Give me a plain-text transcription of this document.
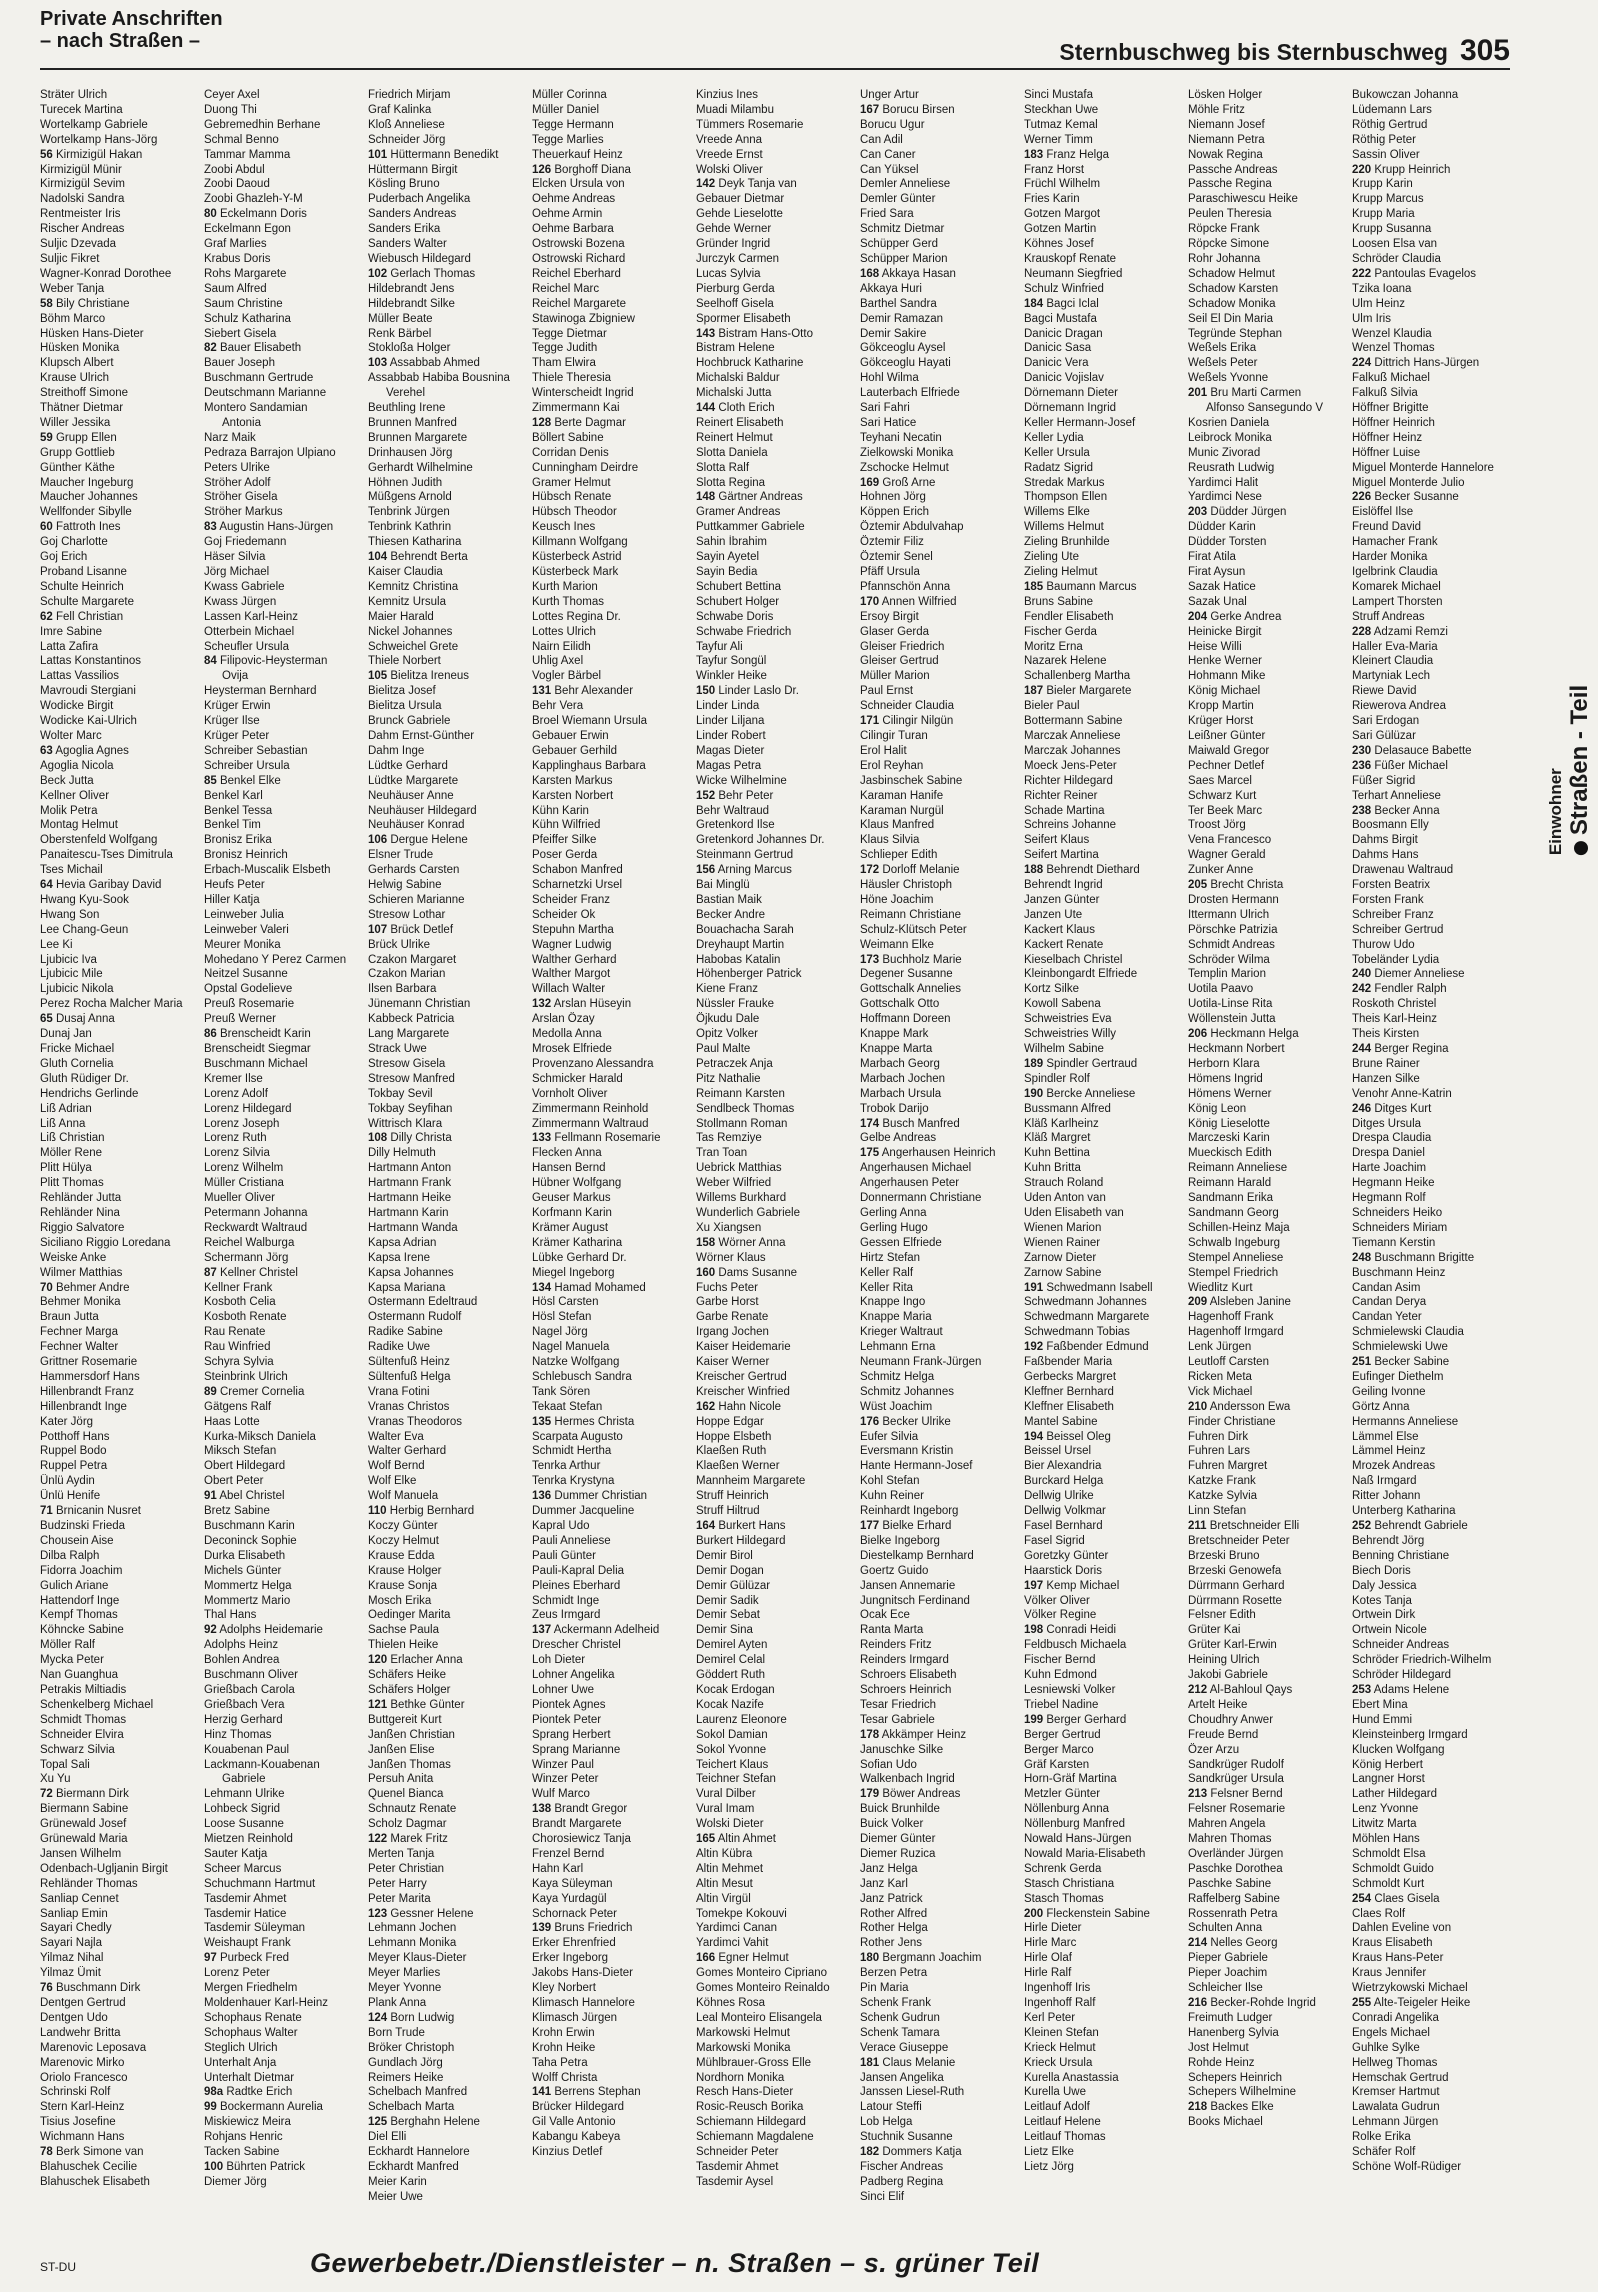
Private Anschriften
– nach Straßen –	Sternbuschweg bis Sternbuschweg 305
Sträter Ulrich
Turecek Martina
Wortelkamp Gabriele
Wortelkamp Hans-Jörg
56 Kirmizigül Hakan
Kirmizigül Münir
Kirmizigül Sevim
Nadolski Sandra
Rentmeister Iris
Rischer Andreas
Suljic Dzevada
Suljic Fikret
Wagner-Konrad Dorothee
Weber Tanja
58 Bily Christiane
Böhm Marco
Hüsken Hans-Dieter
Hüsken Monika
Klupsch Albert
Krause Ulrich
Streithoff Simone
Thätner Dietmar
Willer Jessika
59 Grupp Ellen
Grupp Gottlieb
Günther Käthe
Maucher Ingeburg
Maucher Johannes
Wellfonder Sibylle
60 Fattroth Ines
Goj Charlotte
Goj Erich
Proband Lisanne
Schulte Heinrich
Schulte Margarete
62 Fell Christian
Imre Sabine
Latta Zafira
Lattas Konstantinos
Lattas Vassilios
Mavroudi Stergiani
Wodicke Birgit
Wodicke Kai-Ulrich
Wolter Marc
63 Agoglia Agnes
Agoglia Nicola
Beck Jutta
Kellner Oliver
Molik Petra
Montag Helmut
Oberstenfeld Wolfgang
Panaitescu-Tses Dimitrula
Tses Michail
64 Hevia Garibay David
Hwang Kyu-Sook
Hwang Son
Lee Chang-Geun
Lee Ki
Ljubicic Iva
Ljubicic Mile
Ljubicic Nikola
Perez Rocha Malcher Maria
65 Dusaj Anna
Dunaj Jan
Fricke Michael
Gluth Cornelia
Gluth Rüdiger Dr.
Hendrichs Gerlinde
Liß Adrian
Liß Anna
Liß Christian
Möller Rene
Plitt Hülya
Plitt Thomas
Rehländer Jutta
Rehländer Nina
Riggio Salvatore
Siciliano Riggio Loredana
Weiske Anke
Wilmer Matthias
70 Behmer Andre
Behmer Monika
Braun Jutta
Fechner Marga
Fechner Walter
Grittner Rosemarie
Hammersdorf Hans
Hillenbrandt Franz
Hillenbrandt Inge
Kater Jörg
Potthoff Hans
Ruppel Bodo
Ruppel Petra
Ünlü Aydin
Ünlü Henife
71 Brnicanin Nusret
Budzinski Frieda
Chousein Aise
Dilba Ralph
Fidorra Joachim
Gulich Ariane
Hattendorf Inge
Kempf Thomas
Köhncke Sabine
Möller Ralf
Mycka Peter
Nan Guanghua
Petrakis Miltiadis
Schenkelberg Michael
Schmidt Thomas
Schneider Elvira
Schwarz Silvia
Topal Sali
Xu Yu
72 Biermann Dirk
Biermann Sabine
Grünewald Josef
Grünewald Maria
Jansen Wilhelm
Odenbach-Ugljanin Birgit
Rehländer Thomas
Sanliap Cennet
Sanliap Emin
Sayari Chedly
Sayari Najla
Yilmaz Nihal
Yilmaz Ümit
76 Buschmann Dirk
Dentgen Gertrud
Dentgen Udo
Landwehr Britta
Marenovic Leposava
Marenovic Mirko
Oriolo Francesco
Schrinski Rolf
Stern Karl-Heinz
Tisius Josefine
Wichmann Hans
78 Berk Simone van
Blahuschek Cecilie
Blahuschek Elisabeth
Ceyer Axel
Duong Thi
Gebremedhin Berhane
Schmal Benno
Tammar Mamma
Zoobi Abdul
Zoobi Daoud
Zoobi Ghazleh-Y-M
80 Eckelmann Doris
Eckelmann Egon
Graf Marlies
Krabus Doris
Rohs Margarete
Saum Alfred
Saum Christine
Schulz Katharina
Siebert Gisela
82 Bauer Elisabeth
Bauer Joseph
Buschmann Gertrude
Deutschmann Marianne
Montero Sandamian
Antonia
Narz Maik
Pedraza Barrajon Ulpiano
Peters Ulrike
Ströher Adolf
Ströher Gisela
Ströher Markus
83 Augustin Hans-Jürgen
Goj Friedemann
Häser Silvia
Jörg Michael
Kwass Gabriele
Kwass Jürgen
Lassen Karl-Heinz
Otterbein Michael
Scheufler Ursula
84 Filipovic-Heysterman
Ovija
Heysterman Bernhard
Krüger Erwin
Krüger Ilse
Krüger Peter
Schreiber Sebastian
Schreiber Ursula
85 Benkel Elke
Benkel Karl
Benkel Tessa
Benkel Tim
Bronisz Erika
Bronisz Heinrich
Erbach-Muscalik Elsbeth
Heufs Peter
Hiller Katja
Leinweber Julia
Leinweber Valeri
Meurer Monika
Mohedano Y Perez Carmen
Neitzel Susanne
Opstal Godelieve
Preuß Rosemarie
Preuß Werner
86 Brenscheidt Karin
Brenscheidt Siegmar
Buschmann Michael
Kremer Ilse
Lorenz Adolf
Lorenz Hildegard
Lorenz Joseph
Lorenz Ruth
Lorenz Silvia
Lorenz Wilhelm
Müller Cristiana
Mueller Oliver
Petermann Johanna
Reckwardt Waltraud
Reichel Walburga
Schermann Jörg
87 Kellner Christel
Kellner Frank
Kosboth Celia
Kosboth Renate
Rau Renate
Rau Winfried
Schyra Sylvia
Steinbrink Ulrich
89 Cremer Cornelia
Gätgens Ralf
Haas Lotte
Kurka-Miksch Daniela
Miksch Stefan
Obert Hildegard
Obert Peter
91 Abel Christel
Bretz Sabine
Buschmann Karin
Deconinck Sophie
Durka Elisabeth
Michels Günter
Mommertz Helga
Mommertz Mario
Thal Hans
92 Adolphs Heidemarie
Adolphs Heinz
Bohlen Andrea
Buschmann Oliver
Grießbach Carola
Grießbach Vera
Herzig Gerhard
Hinz Thomas
Kouabenan Paul
Lackmann-Kouabenan
Gabriele
Lehmann Ulrike
Lohbeck Sigrid
Loose Susanne
Mietzen Reinhold
Sauter Katja
Scheer Marcus
Schuchmann Hartmut
Tasdemir Ahmet
Tasdemir Hatice
Tasdemir Süleyman
Weishaupt Frank
97 Purbeck Fred
Lorenz Peter
Mergen Friedhelm
Moldenhauer Karl-Heinz
Schophaus Renate
Schophaus Walter
Steglich Ulrich
Unterhalt Anja
Unterhalt Dietmar
98a Radtke Erich
99 Bockermann Aurelia
Miskiewicz Meira
Rohjans Henric
Tacken Sabine
100 Bührten Patrick
Diemer Jörg
Friedrich Mirjam
Graf Kalinka
Kloß Anneliese
Schneider Jörg
101 Hüttermann Benedikt
Hüttermann Birgit
Kösling Bruno
Puderbach Angelika
Sanders Andreas
Sanders Erika
Sanders Walter
Wiebusch Hildegard
102 Gerlach Thomas
Hildebrandt Jens
Hildebrandt Silke
Müller Beate
Renk Bärbel
Stokloßa Holger
103 Assabbab Ahmed
Assabbab Habiba Bousnina
Verehel
Beuthling Irene
Brunnen Manfred
Brunnen Margarete
Drinhausen Jörg
Gerhardt Wilhelmine
Höhnen Judith
Müßgens Arnold
Tenbrink Jürgen
Tenbrink Kathrin
Thiesen Katharina
104 Behrendt Berta
Kaiser Claudia
Kemnitz Christina
Kemnitz Ursula
Maier Harald
Nickel Johannes
Schweichel Grete
Thiele Norbert
105 Bielitza Ireneus
Bielitza Josef
Bielitza Ursula
Brunck Gabriele
Dahm Ernst-Günther
Dahm Inge
Lüdtke Gerhard
Lüdtke Margarete
Neuhäuser Anne
Neuhäuser Hildegard
Neuhäuser Konrad
106 Dergue Helene
Elsner Trude
Gerhards Carsten
Helwig Sabine
Schieren Marianne
Stresow Lothar
107 Brück Detlef
Brück Ulrike
Czakon Margaret
Czakon Marian
Ilsen Barbara
Jünemann Christian
Kabbeck Patricia
Lang Margarete
Strack Uwe
Stresow Gisela
Stresow Manfred
Tokbay Sevil
Tokbay Seyfihan
Wittrisch Klara
108 Dilly Christa
Dilly Helmuth
Hartmann Anton
Hartmann Frank
Hartmann Heike
Hartmann Karin
Hartmann Wanda
Kapsa Adrian
Kapsa Irene
Kapsa Johannes
Kapsa Mariana
Ostermann Edeltraud
Ostermann Rudolf
Radike Sabine
Radike Uwe
Sültenfuß Heinz
Sültenfuß Helga
Vrana Fotini
Vranas Christos
Vranas Theodoros
Walter Eva
Walter Gerhard
Wolf Bernd
Wolf Elke
Wolf Manuela
110 Herbig Bernhard
Koczy Günter
Koczy Helmut
Krause Edda
Krause Holger
Krause Sonja
Mosch Erika
Oedinger Marita
Sachse Paula
Thielen Heike
120 Erlacher Anna
Schäfers Heike
Schäfers Holger
121 Bethke Günter
Buttgereit Kurt
Janßen Christian
Janßen Elise
Janßen Thomas
Persuh Anita
Quenel Bianca
Schnautz Renate
Scholz Dagmar
122 Marek Fritz
Merten Tanja
Peter Christian
Peter Harry
Peter Marita
123 Gessner Helene
Lehmann Jochen
Lehmann Monika
Meyer Klaus-Dieter
Meyer Marlies
Meyer Yvonne
Plank Anna
124 Born Ludwig
Born Trude
Bröker Christoph
Gundlach Jörg
Reimers Heike
Schelbach Manfred
Schelbach Marta
125 Berghahn Helene
Diel Elli
Eckhardt Hannelore
Eckhardt Manfred
Meier Karin
Meier Uwe
Müller Corinna
Müller Daniel
Tegge Hermann
Tegge Marlies
Theuerkauf Heinz
126 Borghoff Diana
Elcken Ursula von
Oehme Andreas
Oehme Armin
Oehme Barbara
Ostrowski Bozena
Ostrowski Richard
Reichel Eberhard
Reichel Marc
Reichel Margarete
Stawinoga Zbigniew
Tegge Dietmar
Tegge Judith
Tham Elwira
Thiele Theresia
Winterscheidt Ingrid
Zimmermann Kai
128 Berte Dagmar
Böllert Sabine
Corridan Denis
Cunningham Deirdre
Gramer Helmut
Hübsch Renate
Hübsch Theodor
Keusch Ines
Killmann Wolfgang
Küsterbeck Astrid
Küsterbeck Mark
Kurth Marion
Kurth Thomas
Lottes Regina Dr.
Lottes Ulrich
Nairn Eilidh
Uhlig Axel
Vogler Bärbel
131 Behr Alexander
Behr Vera
Broel Wiemann Ursula
Gebauer Erwin
Gebauer Gerhild
Kapplinghaus Barbara
Karsten Markus
Karsten Norbert
Kühn Karin
Kühn Wilfried
Pfeiffer Silke
Poser Gerda
Schabon Manfred
Scharnetzki Ursel
Scheider Franz
Scheider Ok
Stepuhn Martha
Wagner Ludwig
Walther Gerhard
Walther Margot
Willach Walter
132 Arslan Hüseyin
Arslan Özay
Medolla Anna
Mrosek Elfriede
Provenzano Alessandra
Schmicker Harald
Vornholt Oliver
Zimmermann Reinhold
Zimmermann Waltraud
133 Fellmann Rosemarie
Flecken Anna
Hansen Bernd
Hübner Wolfgang
Geuser Markus
Korfmann Karin
Krämer August
Krämer Katharina
Lübke Gerhard Dr.
Miegel Ingeborg
134 Hamad Mohamed
Hösl Carsten
Hösl Stefan
Nagel Jörg
Nagel Manuela
Natzke Wolfgang
Schlebusch Sandra
Tank Sören
Tekaat Stefan
135 Hermes Christa
Scarpata Augusto
Schmidt Hertha
Tenrka Arthur
Tenrka Krystyna
136 Dummer Christian
Dummer Jacqueline
Kapral Udo
Pauli Anneliese
Pauli Günter
Pauli-Kapral Delia
Pleines Eberhard
Schmidt Inge
Zeus Irmgard
137 Ackermann Adelheid
Drescher Christel
Loh Dieter
Lohner Angelika
Lohner Uwe
Piontek Agnes
Piontek Peter
Sprang Herbert
Sprang Marianne
Winzer Paul
Winzer Peter
Wulf Marco
138 Brandt Gregor
Brandt Margarete
Chorosiewicz Tanja
Frenzel Bernd
Hahn Karl
Kaya Süleyman
Kaya Yurdagül
Schornack Peter
139 Bruns Friedrich
Erker Ehrenfried
Erker Ingeborg
Jakobs Hans-Dieter
Kley Norbert
Klimasch Hannelore
Klimasch Jürgen
Krohn Erwin
Krohn Heike
Taha Petra
Wolff Christa
141 Berrens Stephan
Brücker Hildegard
Gil Valle Antonio
Kabangu Kabeya
Kinzius Detlef
Kinzius Ines
Muadi Milambu
Tümmers Rosemarie
Vreede Anna
Vreede Ernst
Wolski Oliver
142 Deyk Tanja van
Gebauer Dietmar
Gehde Lieselotte
Gehde Werner
Gründer Ingrid
Jurczyk Carmen
Lucas Sylvia
Pierburg Gerda
Seelhoff Gisela
Spormer Elisabeth
143 Bistram Hans-Otto
Bistram Helene
Hochbruck Katharine
Michalski Baldur
Michalski Jutta
144 Cloth Erich
Reinert Elisabeth
Reinert Helmut
Slotta Daniela
Slotta Ralf
Slotta Regina
148 Gärtner Andreas
Gramer Andreas
Puttkammer Gabriele
Sahin İbrahim
Sayin Ayetel
Sayin Bedia
Schubert Bettina
Schubert Holger
Schwabe Doris
Schwabe Friedrich
Tayfur Ali
Tayfur Songül
Winkler Heike
150 Linder Laslo Dr.
Linder Linda
Linder Liljana
Linder Robert
Magas Dieter
Magas Petra
Wicke Wilhelmine
152 Behr Peter
Behr Waltraud
Gretenkord Ilse
Gretenkord Johannes Dr.
Steinmann Gertrud
156 Arning Marcus
Bai Minglü
Bastian Maik
Becker Andre
Bouachacha Sarah
Dreyhaupt Martin
Habobas Katalin
Höhenberger Patrick
Kiene Franz
Nüssler Frauke
Öjkudu Dale
Opitz Volker
Paul Malte
Petraczek Anja
Pitz Nathalie
Reimann Karsten
Sendlbeck Thomas
Stollmann Roman
Tas Remziye
Tran Toan
Uebrick Matthias
Weber Wilfried
Willems Burkhard
Wunderlich Gabriele
Xu Xiangsen
158 Wörner Anna
Wörner Klaus
160 Dams Susanne
Fuchs Peter
Garbe Horst
Garbe Renate
Irgang Jochen
Kaiser Heidemarie
Kaiser Werner
Kreischer Gertrud
Kreischer Winfried
162 Hahn Nicole
Hoppe Edgar
Hoppe Elsbeth
Klaeßen Ruth
Klaeßen Werner
Mannheim Margarete
Struff Heinrich
Struff Hiltrud
164 Burkert Hans
Burkert Hildegard
Demir Birol
Demir Dogan
Demir Gülüzar
Demir Sadik
Demir Sebat
Demir Sina
Demirel Ayten
Demirel Celal
Göddert Ruth
Kocak Erdogan
Kocak Nazife
Laurenz Eleonore
Sokol Damian
Sokol Yvonne
Teichert Klaus
Teichner Stefan
Vural Dilber
Vural Imam
Wolski Dieter
165 Altin Ahmet
Altin Kübra
Altin Mehmet
Altin Mesut
Altin Virgül
Tomekpe Kokouvi
Yardimci Canan
Yardimci Vahit
166 Egner Helmut
Gomes Monteiro Cipriano
Gomes Monteiro Reinaldo
Köhnes Rosa
Leal Monteiro Elisangela
Markowski Helmut
Markowski Monika
Mühlbrauer-Gross Elle
Nordhorn Monika
Resch Hans-Dieter
Rosic-Reusch Borika
Schiemann Hildegard
Schiemann Magdalene
Schneider Peter
Tasdemir Ahmet
Tasdemir Aysel
Unger Artur
167 Borucu Birsen
Borucu Ugur
Can Adil
Can Caner
Can Yüksel
Demler Anneliese
Demler Günter
Fried Sara
Schmitz Dietmar
Schüpper Gerd
Schüpper Marion
168 Akkaya Hasan
Akkaya Huri
Barthel Sandra
Demir Ramazan
Demir Sakire
Gökceoglu Aysel
Gökceoglu Hayati
Hohl Wilma
Lauterbach Elfriede
Sari Fahri
Sari Hatice
Teyhani Necatin
Zielkowski Monika
Zschocke Helmut
169 Groß Arne
Hohnen Jörg
Köppen Erich
Öztemir Abdulvahap
Öztemir Filiz
Öztemir Senel
Pfäff Ursula
Pfannschön Anna
170 Annen Wilfried
Ersoy Birgit
Glaser Gerda
Gleiser Friedrich
Gleiser Gertrud
Müller Marion
Paul Ernst
Schneider Claudia
171 Cilingir Nilgün
Cilingir Turan
Erol Halit
Erol Reyhan
Jasbinschek Sabine
Karaman Hanife
Karaman Nurgül
Klaus Manfred
Klaus Silvia
Schlieper Edith
172 Dorloff Melanie
Häusler Christoph
Höne Joachim
Reimann Christiane
Schulz-Klütsch Peter
Weimann Elke
173 Buchholz Marie
Degener Susanne
Gottschalk Annelies
Gottschalk Otto
Hoffmann Doreen
Knappe Mark
Knappe Marta
Marbach Georg
Marbach Jochen
Marbach Ursula
Trobok Darijo
174 Busch Manfred
Gelbe Andreas
175 Angerhausen Heinrich
Angerhausen Michael
Angerhausen Peter
Donnermann Christiane
Gerling Anna
Gerling Hugo
Gessen Elfriede
Hirtz Stefan
Keller Ralf
Keller Rita
Knappe Ingo
Knappe Maria
Krieger Waltraut
Lehmann Erna
Neumann Frank-Jürgen
Schmitz Helga
Schmitz Johannes
Wüst Joachim
176 Becker Ulrike
Eufer Silvia
Eversmann Kristin
Hante Hermann-Josef
Kohl Stefan
Kuhn Reiner
Reinhardt Ingeborg
177 Bielke Erhard
Bielke Ingeborg
Diestelkamp Bernhard
Goertz Guido
Jansen Annemarie
Jungnitsch Ferdinand
Ocak Ece
Ranta Marta
Reinders Fritz
Reinders Irmgard
Schroers Elisabeth
Schroers Heinrich
Tesar Friedrich
Tesar Gabriele
178 Akkämper Heinz
Januschke Silke
Sofian Udo
Walkenbach Ingrid
179 Böwer Andreas
Buick Brunhilde
Buick Volker
Diemer Günter
Diemer Ruzica
Janz Helga
Janz Karl
Janz Patrick
Rother Alfred
Rother Helga
Rother Jens
180 Bergmann Joachim
Berzen Petra
Pin Maria
Schenk Frank
Schenk Gudrun
Schenk Tamara
Verace Giuseppe
181 Claus Melanie
Jansen Angelika
Janssen Liesel-Ruth
Latour Steffi
Lob Helga
Stuchnik Susanne
182 Dommers Katja
Fischer Andreas
Padberg Regina
Sinci Elif
Sinci Mustafa
Steckhan Uwe
Tutmaz Kemal
Werner Timm
183 Franz Helga
Franz Horst
Früchl Wilhelm
Fries Karin
Gotzen Margot
Gotzen Martin
Köhnes Josef
Krauskopf Renate
Neumann Siegfried
Schulz Winfried
184 Bagci Iclal
Bagci Mustafa
Danicic Dragan
Danicic Sasa
Danicic Vera
Danicic Vojislav
Dörnemann Dieter
Dörnemann Ingrid
Keller Hermann-Josef
Keller Lydia
Keller Ursula
Radatz Sigrid
Stredak Markus
Thompson Ellen
Willems Elke
Willems Helmut
Zieling Brunhilde
Zieling Ute
Zieling Helmut
185 Baumann Marcus
Bruns Sabine
Fendler Elisabeth
Fischer Gerda
Moritz Erna
Nazarek Helene
Schallenberg Martha
187 Bieler Margarete
Bieler Paul
Bottermann Sabine
Marczak Anneliese
Marczak Johannes
Moeck Jens-Peter
Richter Hildegard
Richter Reiner
Schade Martina
Schreins Johanne
Seifert Klaus
Seifert Martina
188 Behrendt Diethard
Behrendt Ingrid
Janzen Günter
Janzen Ute
Kackert Klaus
Kackert Renate
Kieselbach Christel
Kleinbongardt Elfriede
Kortz Silke
Kowoll Sabena
Schweistries Eva
Schweistries Willy
Wilhelm Sabine
189 Spindler Gertraud
Spindler Rolf
190 Bercke Anneliese
Bussmann Alfred
Kläß Karlheinz
Kläß Margret
Kuhn Bettina
Kuhn Britta
Strauch Roland
Uden Anton van
Uden Elisabeth van
Wienen Marion
Wienen Rainer
Zarnow Dieter
Zarnow Sabine
191 Schwedmann Isabell
Schwedmann Johannes
Schwedmann Margarete
Schwedmann Tobias
192 Faßbender Edmund
Faßbender Maria
Gerbecks Margret
Kleffner Bernhard
Kleffner Elisabeth
Mantel Sabine
194 Beissel Oleg
Beissel Ursel
Bier Alexandria
Burckard Helga
Dellwig Ulrike
Dellwig Volkmar
Fasel Bernhard
Fasel Sigrid
Goretzky Günter
Haarstick Doris
197 Kemp Michael
Völker Oliver
Völker Regine
198 Conradi Heidi
Feldbusch Michaela
Fischer Bernd
Kuhn Edmond
Lesniewski Volker
Triebel Nadine
199 Berger Gerhard
Berger Gertrud
Berger Marco
Gräf Karsten
Horn-Gräf Martina
Metzler Günter
Nöllenburg Anna
Nöllenburg Manfred
Nowald Hans-Jürgen
Nowald Maria-Elisabeth
Schrenk Gerda
Stasch Christiana
Stasch Thomas
200 Fleckenstein Sabine
Hirle Dieter
Hirle Marc
Hirle Olaf
Hirle Ralf
Ingenhoff Iris
Ingenhoff Ralf
Kerl Peter
Kleinen Stefan
Krieck Helmut
Krieck Ursula
Kurella Anastassia
Kurella Uwe
Leitlauf Adolf
Leitlauf Helene
Leitlauf Thomas
Lietz Elke
Lietz Jörg
Lösken Holger
Möhle Fritz
Niemann Josef
Niemann Petra
Nowak Regina
Passche Andreas
Passche Regina
Paraschiwescu Heike
Peulen Theresia
Röpcke Frank
Röpcke Simone
Rohr Johanna
Schadow Helmut
Schadow Karsten
Schadow Monika
Seil El Din Maria
Tegründe Stephan
Weßels Erika
Weßels Peter
Weßels Yvonne
201 Bru Marti Carmen
Alfonso Sansegundo V
Kosrien Daniela
Leibrock Monika
Munic Zivorad
Reusrath Ludwig
Yardimci Halit
Yardimci Nese
203 Düdder Jürgen
Düdder Karin
Düdder Torsten
Firat Atila
Firat Aysun
Sazak Hatice
Sazak Unal
204 Gerke Andrea
Heinicke Birgit
Heise Willi
Henke Werner
Hohmann Mike
König Michael
Kropp Martin
Krüger Horst
Leißner Günter
Maiwald Gregor
Pechner Detlef
Saes Marcel
Schwarz Kurt
Ter Beek Marc
Troost Jörg
Vena Francesco
Wagner Gerald
Zunker Anne
205 Brecht Christa
Drosten Hermann
Ittermann Ulrich
Pörschke Patrizia
Schmidt Andreas
Schröder Wilma
Templin Marion
Uotila Paavo
Uotila-Linse Rita
Wöllenstein Jutta
206 Heckmann Helga
Heckmann Norbert
Herborn Klara
Hömens Ingrid
Hömens Werner
König Leon
König Lieselotte
Marczeski Karin
Mueckisch Edith
Reimann Anneliese
Reimann Harald
Sandmann Erika
Sandmann Georg
Schillen-Heinz Maja
Schwalb Ingeburg
Stempel Anneliese
Stempel Friedrich
Wiedlitz Kurt
209 Alsleben Janine
Hagenhoff Frank
Hagenhoff Irmgard
Lenk Jürgen
Leutloff Carsten
Ricken Meta
Vick Michael
210 Andersson Ewa
Finder Christiane
Fuhren Dirk
Fuhren Lars
Fuhren Margret
Katzke Frank
Katzke Sylvia
Linn Stefan
211 Bretschneider Elli
Bretschneider Peter
Brzeski Bruno
Brzeski Genowefa
Dürrmann Gerhard
Dürrmann Rosette
Felsner Edith
Grüter Kai
Grüter Karl-Erwin
Heining Ulrich
Jakobi Gabriele
212 Al-Bahloul Qays
Artelt Heike
Choudhry Anwer
Freude Bernd
Özer Arzu
Sandkrüger Rudolf
Sandkrüger Ursula
213 Felsner Bernd
Felsner Rosemarie
Mahren Angela
Mahren Thomas
Overländer Jürgen
Paschke Dorothea
Paschke Sabine
Raffelberg Sabine
Rossenrath Petra
Schulten Anna
214 Nelles Georg
Pieper Gabriele
Pieper Joachim
Schleicher Ilse
216 Becker-Rohde Ingrid
Freimuth Ludger
Hanenberg Sylvia
Jost Helmut
Rohde Heinz
Schepers Heinrich
Schepers Wilhelmine
218 Backes Elke
Books Michael
Bukowczan Johanna
Lüdemann Lars
Röthig Gertrud
Röthig Peter
Sassin Oliver
220 Krupp Heinrich
Krupp Karin
Krupp Marcus
Krupp Maria
Krupp Susanna
Loosen Elsa van
Schröder Claudia
222 Pantoulas Evagelos
Tzika Ioana
Ulm Heinz
Ulm Iris
Wenzel Klaudia
Wenzel Thomas
224 Dittrich Hans-Jürgen
Falkuß Michael
Falkuß Silvia
Höffner Brigitte
Höffner Heinrich
Höffner Heinz
Höffner Luise
Miguel Monterde Hannelore
Miguel Monterde Julio
226 Becker Susanne
Eislöffel Ilse
Freund David
Hamacher Frank
Harder Monika
Igelbrink Claudia
Komarek Michael
Lampert Thorsten
Struff Andreas
228 Adzami Remzi
Haller Eva-Maria
Kleinert Claudia
Martyniak Lech
Riewe David
Riewerova Andrea
Sari Erdogan
Sari Gülüzar
230 Delasauce Babette
236 Füßer Michael
Füßer Sigrid
Terhart Anneliese
238 Becker Anna
Boosmann Elly
Dahms Birgit
Dahms Hans
Drawenau Waltraud
Forsten Beatrix
Forsten Frank
Schreiber Franz
Schreiber Gertrud
Thurow Udo
Tobeländer Lydia
240 Diemer Anneliese
242 Fendler Ralph
Roskoth Christel
Theis Karl-Heinz
Theis Kirsten
244 Berger Regina
Brune Rainer
Hanzen Silke
Venohr Anne-Katrin
246 Ditges Kurt
Ditges Ursula
Drespa Claudia
Drespa Daniel
Harte Joachim
Hegmann Heike
Hegmann Rolf
Schneiders Heiko
Schneiders Miriam
Tiemann Kerstin
248 Buschmann Brigitte
Buschmann Heinz
Candan Asim
Candan Derya
Candan Yeter
Schmielewski Claudia
Schmielewski Uwe
251 Becker Sabine
Eufinger Diethelm
Geiling Ivonne
Görtz Anna
Hermanns Anneliese
Lämmel Else
Lämmel Heinz
Mrozek Andreas
Naß Irmgard
Ritter Johann
Unterberg Katharina
252 Behrendt Gabriele
Behrendt Jörg
Benning Christiane
Biech Doris
Daly Jessica
Kotes Tanja
Ortwein Dirk
Ortwein Nicole
Schneider Andreas
Schröder Friedrich-Wilhelm
Schröder Hildegard
253 Adams Helene
Ebert Mina
Hund Emmi
Kleinsteinberg Irmgard
Klucken Wolfgang
König Herbert
Langner Horst
Lather Hildegard
Lenz Yvonne
Litwitz Marta
Möhlen Hans
Schmoldt Elsa
Schmoldt Guido
Schmoldt Kurt
254 Claes Gisela
Claes Rolf
Dahlen Eveline von
Kraus Elisabeth
Kraus Hans-Peter
Kraus Jennifer
Wietrzykowski Michael
255 Alte-Teigeler Heike
Conradi Angelika
Engels Michael
Guhlke Sylke
Hellweg Thomas
Hemschak Gertrud
Kremser Hartmut
Lawalata Gudrun
Lehmann Jürgen
Rolke Erika
Schäfer Rolf
Schöne Wolf-Rüdiger
Einwohner Straßen - Teil
ST-DU	Gewerbebetr./Dienstleister – n. Straßen – s. grüner Teil
